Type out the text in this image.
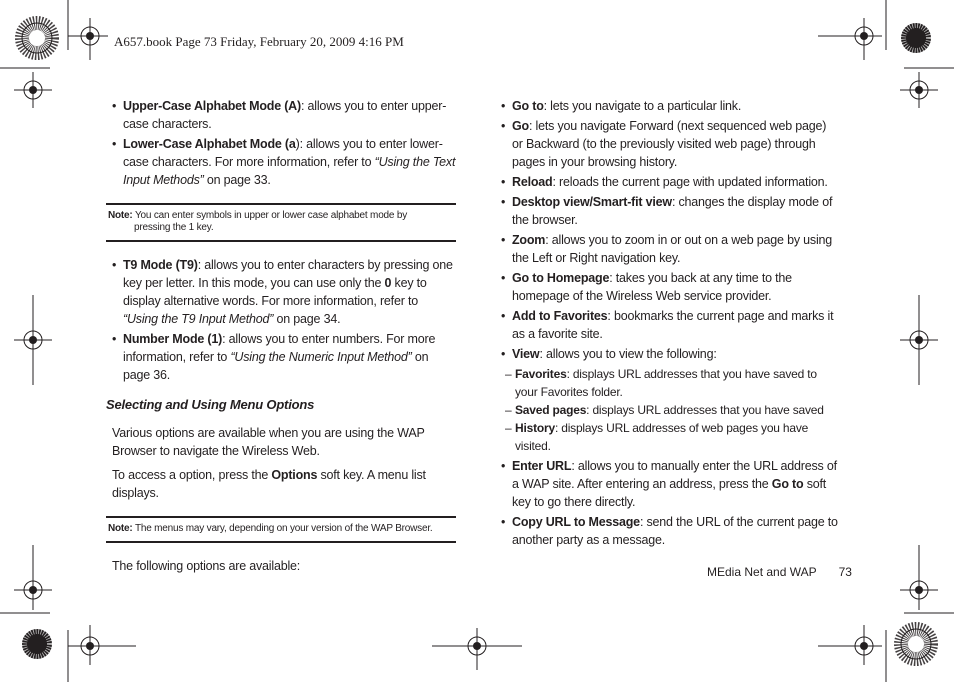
A657.book Page 73 Friday, February 20, 2009 4:16 PM
• Upper-Case Alphabet Mode (A): allows you to enter upper-case characters.
• Lower-Case Alphabet Mode (a): allows you to enter lower-case characters. For more information, refer to “Using the Text Input Methods” on page 33.
Note: You can enter symbols in upper or lower case alphabet mode by
pressing the 1 key.
• T9 Mode (T9): allows you to enter characters by pressing one key per letter. In this mode, you can use only the 0 key to display alternative words. For more information, refer to “Using the T9 Input Method” on page 34.
• Number Mode (1): allows you to enter numbers. For more information, refer to “Using the Numeric Input Method” on page 36.
Selecting and Using Menu Options
Various options are available when you are using the WAP Browser to navigate the Wireless Web.
To access a option, press the Options soft key. A menu list displays.
Note: The menus may vary, depending on your version of the WAP Browser.
The following options are available:
• Go to: lets you navigate to a particular link.
• Go: lets you navigate Forward (next sequenced web page) or Backward (to the previously visited web page) through pages in your browsing history.
• Reload: reloads the current page with updated information.
• Desktop view/Smart-fit view: changes the display mode of the browser.
• Zoom: allows you to zoom in or out on a web page by using the Left or Right navigation key.
• Go to Homepage: takes you back at any time to the homepage of the Wireless Web service provider.
• Add to Favorites: bookmarks the current page and marks it as a favorite site.
• View: allows you to view the following:
– Favorites: displays URL addresses that you have saved to your Favorites folder.
– Saved pages: displays URL addresses that you have saved
– History: displays URL addresses of web pages you have visited.
• Enter URL: allows you to manually enter the URL address of a WAP site. After entering an address, press the Go to soft key to go there directly.
• Copy URL to Message: send the URL of the current page to another party as a message.
MEdia Net and WAP 73
